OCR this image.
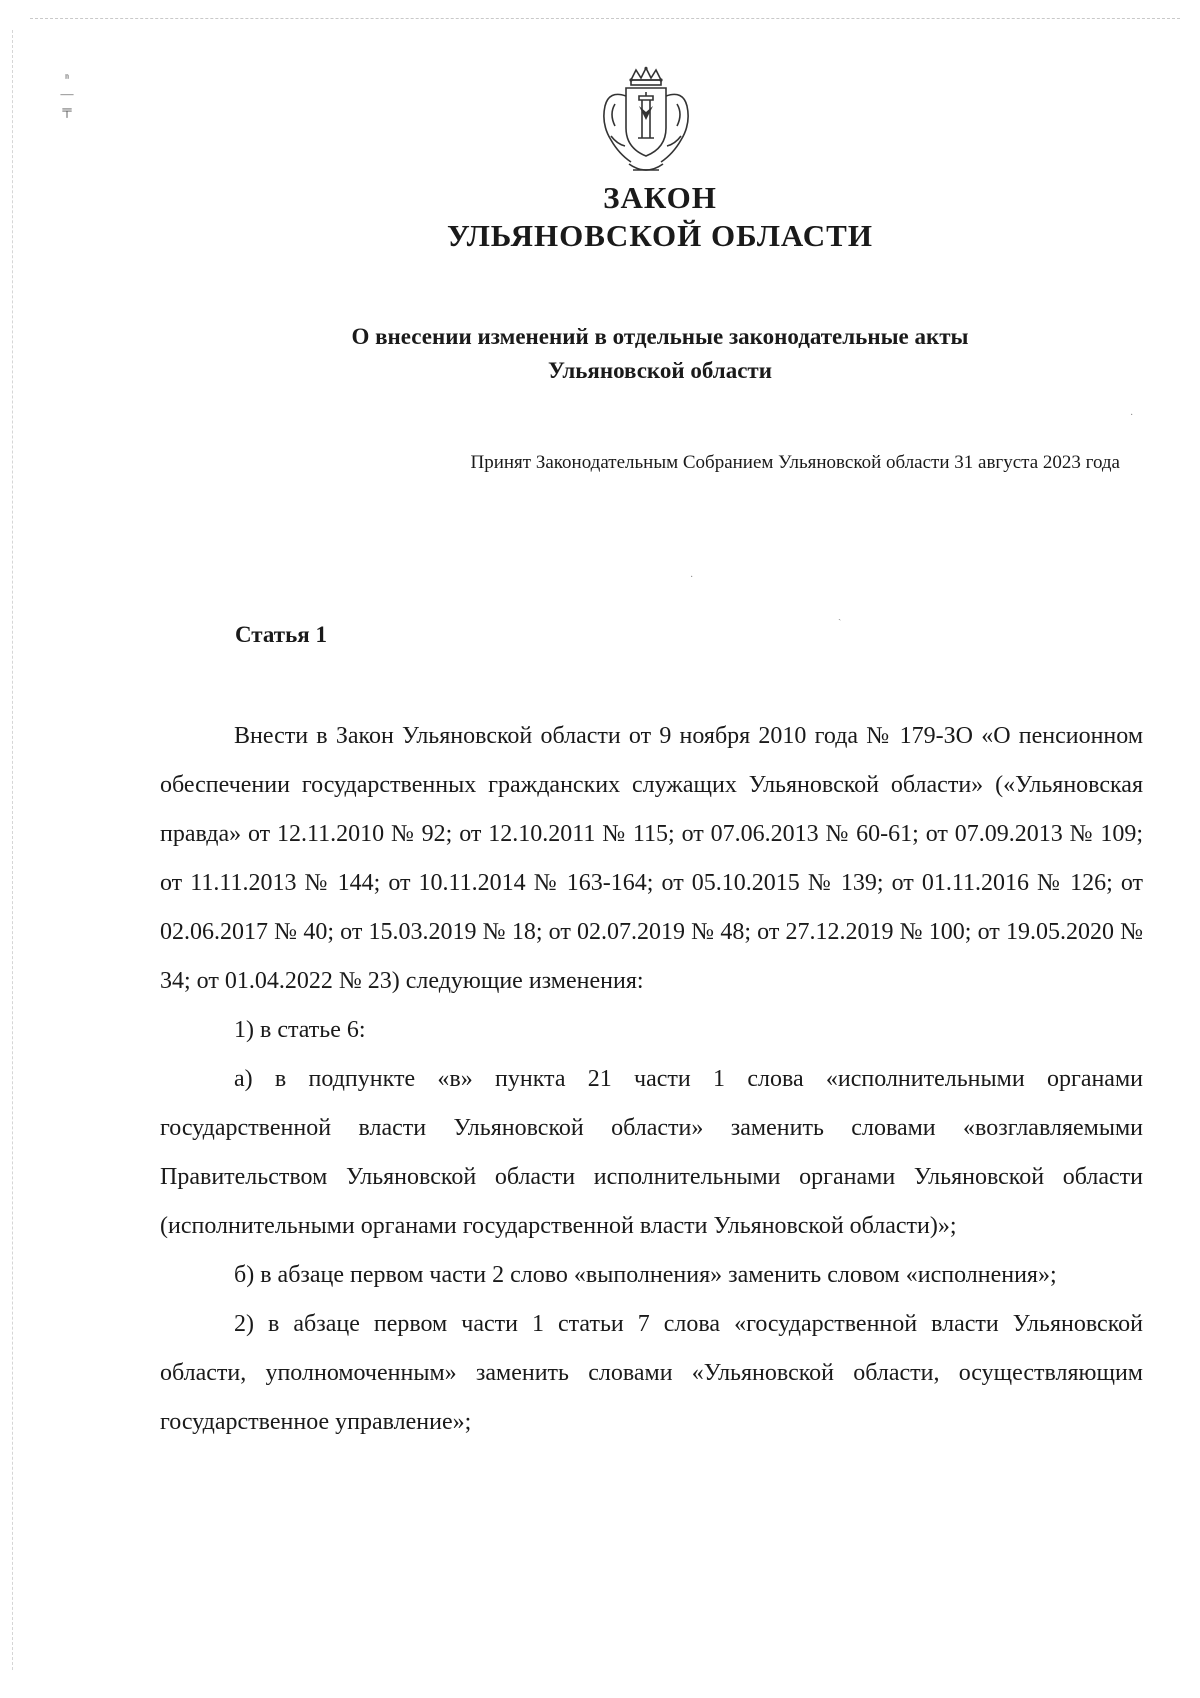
ⁿ
—
╤
ЗАКОН
УЛЬЯНОВСКОЙ ОБЛАСТИ
О внесении изменений в отдельные законодательные акты
Ульяновской области
Принят Законодательным Собранием Ульяновской области 31 августа 2023 года
Статья 1

Внести в Закон Ульяновской области от 9 ноября 2010 года № 179-ЗО «О пенсионном обеспечении государственных гражданских служащих Ульяновской области» («Ульяновская правда» от 12.11.2010 № 92; от 12.10.2011 № 115; от 07.06.2013 № 60-61; от 07.09.2013 № 109; от 11.11.2013 № 144; от 10.11.2014 № 163-164; от 05.10.2015 № 139; от 01.11.2016 № 126; от 02.06.2017 № 40; от 15.03.2019 № 18; от 02.07.2019 № 48; от 27.12.2019 № 100; от 19.05.2020 № 34; от 01.04.2022 № 23) следующие изменения:

1) в статье 6:

а) в подпункте «в» пункта 21 части 1 слова «исполнительными органами государственной власти Ульяновской области» заменить словами «возглавляемыми Правительством Ульяновской области исполнительными органами Ульяновской области (исполнительными органами государственной власти Ульяновской области)»;

б) в абзаце первом части 2 слово «выполнения» заменить словом «исполнения»;

2) в абзаце первом части 1 статьи 7 слова «государственной власти Ульяновской области, уполномоченным» заменить словами «Ульяновской области, осуществляющим государственное управление»;

·
·
ˏ
